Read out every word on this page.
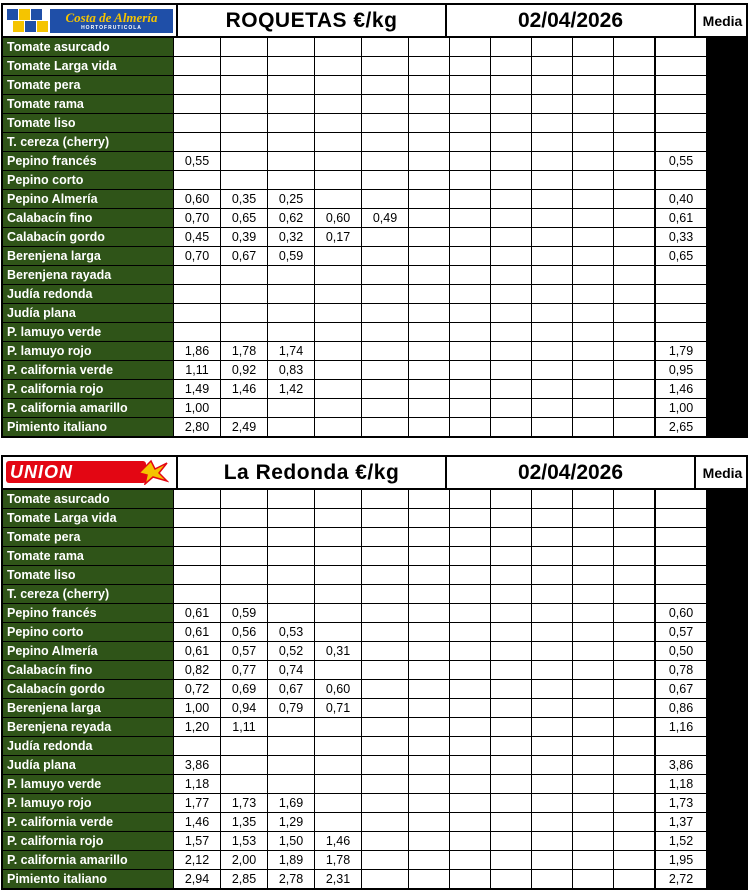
Costa de Almería
HORTOFRUTICOLA	ROQUETAS €/kg	02/04/2026	Media
Tomate asurcado
Tomate Larga vida
Tomate pera
Tomate rama
Tomate liso
T. cereza (cherry)
Pepino francés	0,55	0,55
Pepino corto
Pepino Almería	0,60	0,35	0,25	0,40
Calabacín fino	0,70	0,65	0,62	0,60	0,49	0,61
Calabacín gordo	0,45	0,39	0,32	0,17	0,33
Berenjena larga	0,70	0,67	0,59	0,65
Berenjena rayada
Judía redonda
Judía plana
P. lamuyo verde
P. lamuyo rojo	1,86	1,78	1,74	1,79
P. california verde	1,11	0,92	0,83	0,95
P. california rojo	1,49	1,46	1,42	1,46
P. california amarillo	1,00	1,00
Pimiento italiano	2,80	2,49	2,65
UNION	La Redonda €/kg	02/04/2026	Media
Tomate asurcado
Tomate Larga vida
Tomate pera
Tomate rama
Tomate liso
T. cereza (cherry)
Pepino francés	0,61	0,59	0,60
Pepino corto	0,61	0,56	0,53	0,57
Pepino Almería	0,61	0,57	0,52	0,31	0,50
Calabacín fino	0,82	0,77	0,74	0,78
Calabacín gordo	0,72	0,69	0,67	0,60	0,67
Berenjena larga	1,00	0,94	0,79	0,71	0,86
Berenjena reyada	1,20	1,11	1,16
Judía redonda
Judía plana	3,86	3,86
P. lamuyo verde	1,18	1,18
P. lamuyo rojo	1,77	1,73	1,69	1,73
P. california verde	1,46	1,35	1,29	1,37
P. california rojo	1,57	1,53	1,50	1,46	1,52
P. california amarillo	2,12	2,00	1,89	1,78	1,95
Pimiento italiano	2,94	2,85	2,78	2,31	2,72
